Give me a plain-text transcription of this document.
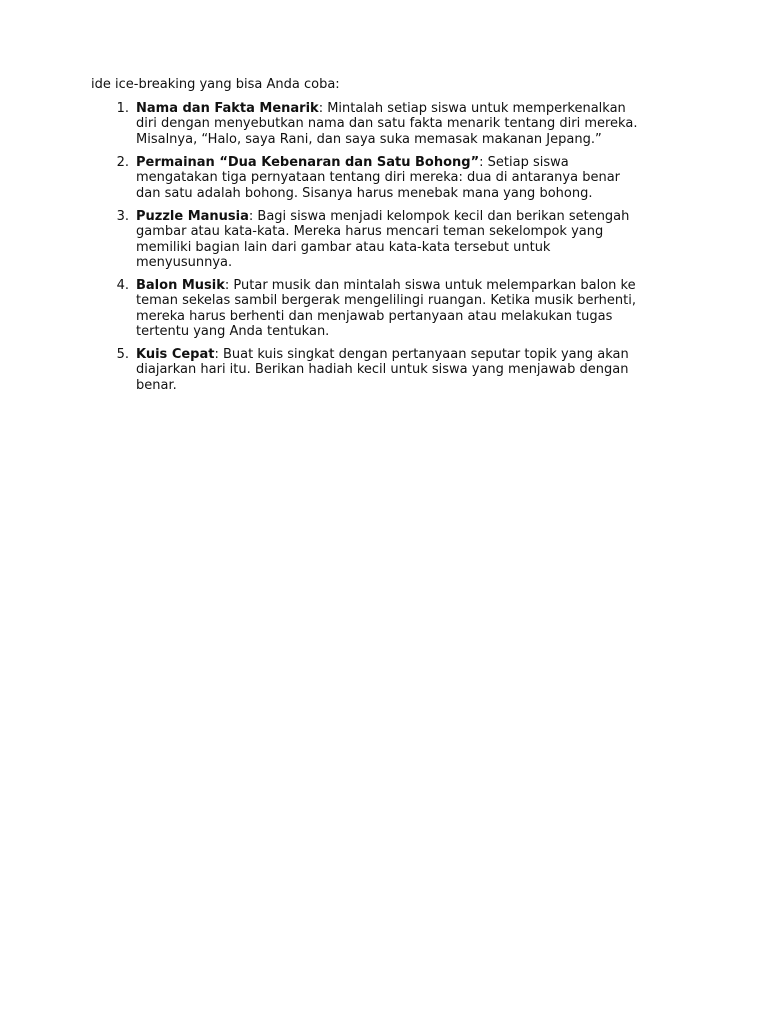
ide ice-breaking yang bisa Anda coba:

1. Nama dan Fakta Menarik: Mintalah setiap siswa untuk memperkenalkan
diri dengan menyebutkan nama dan satu fakta menarik tentang diri mereka.
Misalnya, “Halo, saya Rani, dan saya suka memasak makanan Jepang.”
2. Permainan “Dua Kebenaran dan Satu Bohong”: Setiap siswa
mengatakan tiga pernyataan tentang diri mereka: dua di antaranya benar
dan satu adalah bohong. Sisanya harus menebak mana yang bohong.
3. Puzzle Manusia: Bagi siswa menjadi kelompok kecil dan berikan setengah
gambar atau kata-kata. Mereka harus mencari teman sekelompok yang
memiliki bagian lain dari gambar atau kata-kata tersebut untuk
menyusunnya.
4. Balon Musik: Putar musik dan mintalah siswa untuk melemparkan balon ke
teman sekelas sambil bergerak mengelilingi ruangan. Ketika musik berhenti,
mereka harus berhenti dan menjawab pertanyaan atau melakukan tugas
tertentu yang Anda tentukan.
5. Kuis Cepat: Buat kuis singkat dengan pertanyaan seputar topik yang akan
diajarkan hari itu. Berikan hadiah kecil untuk siswa yang menjawab dengan
benar.
